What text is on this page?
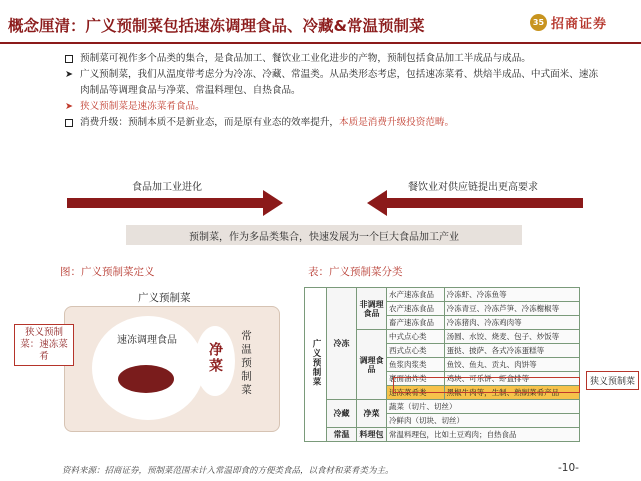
概念厘清：广义预制菜包括速冻调理食品、冷藏&常温预制菜	35 招商证券
预制菜可视作多个品类的集合，是食品加工、餐饮业工业化进步的产物，预制包括食品加工半成品与成品。
➤ 广义预制菜，我们从温度带考虑分为冷冻、冷藏、常温类。从品类形态考虑，包括速冻菜肴、烘焙半成品、中式面米、速冻肉制品等调理食品与净菜、常温料理包、自热食品。
➤ 狭义预制菜是速冻菜肴食品。
消费升级：预制本质不是新业态，而是原有业态的效率提升，本质是消费升级投资范畴。
食品加工业进化	餐饮业对供应链提出更高要求
预制菜，作为多品类集合，快速发展为一个巨大食品加工产业
图：广义预制菜定义	表：广义预制菜分类
广义预制菜
速冻调理食品
净菜 常温预制菜
狭义预制菜：速冻菜肴	广义预制菜	冷冻	非调理食品	水产速冻食品	冷冻虾、冷冻鱼等
			农产速冻食品	冷冻青豆、冷冻芦笋、冷冻榭椒等
			畜产速冻食品	冷冻猪肉、冷冻鸡肉等
		调理食品	中式点心类	汤圆、水饺、烧麦、包子、炒饭等
			西式点心类	蛋挞、披萨、各式冷冻蛋糕等
			鱼浆肉浆类	鱼饺、鱼丸、贡丸、肉饼等
			裹面油炸类	鸡块、可乐饼、虾盒排等
			速冻菜肴类	黑椒牛肉等，生制、熟制菜肴产品
	冷藏	净菜	蔬菜（切片、切丝）	
			冷鲜肉（切块、切丝）	
	常温	料理包	常温料理包，比如土豆鸡肉；自热食品	
狭义预制菜
资料来源：招商证券，预制菜范围未计入常温即食的方便类食品，以食材和菜肴类为主。	-10-
